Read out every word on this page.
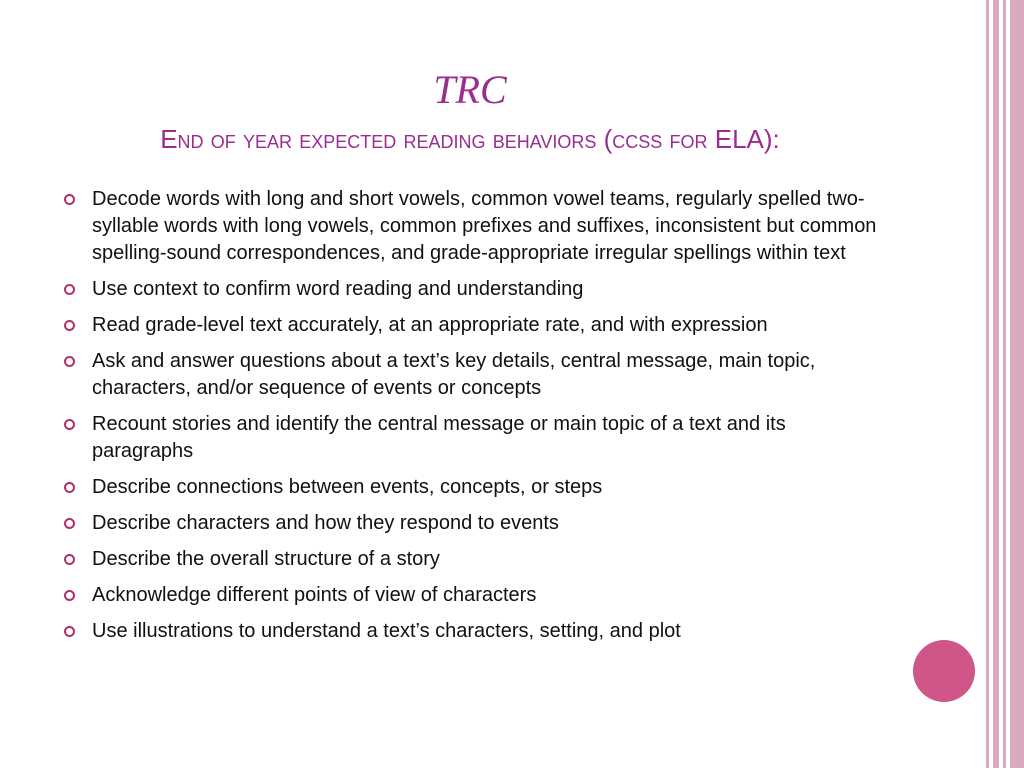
TRC
End of year expected reading behaviors (ccss for ELA):
Decode words with long and short vowels, common vowel teams, regularly spelled two-syllable words with long vowels, common prefixes and suffixes, inconsistent but common spelling-sound correspondences, and grade-appropriate irregular spellings within text
Use context to confirm word reading and understanding
Read grade-level text accurately, at an appropriate rate, and with expression
Ask and answer questions about a text’s key details, central message, main topic, characters, and/or sequence of events or concepts
Recount stories and identify the central message or main topic of a text and its paragraphs
Describe connections between events, concepts, or steps
Describe characters and how they respond to events
Describe the overall structure of a story
Acknowledge different points of view of characters
Use illustrations to understand a text’s characters, setting, and plot
